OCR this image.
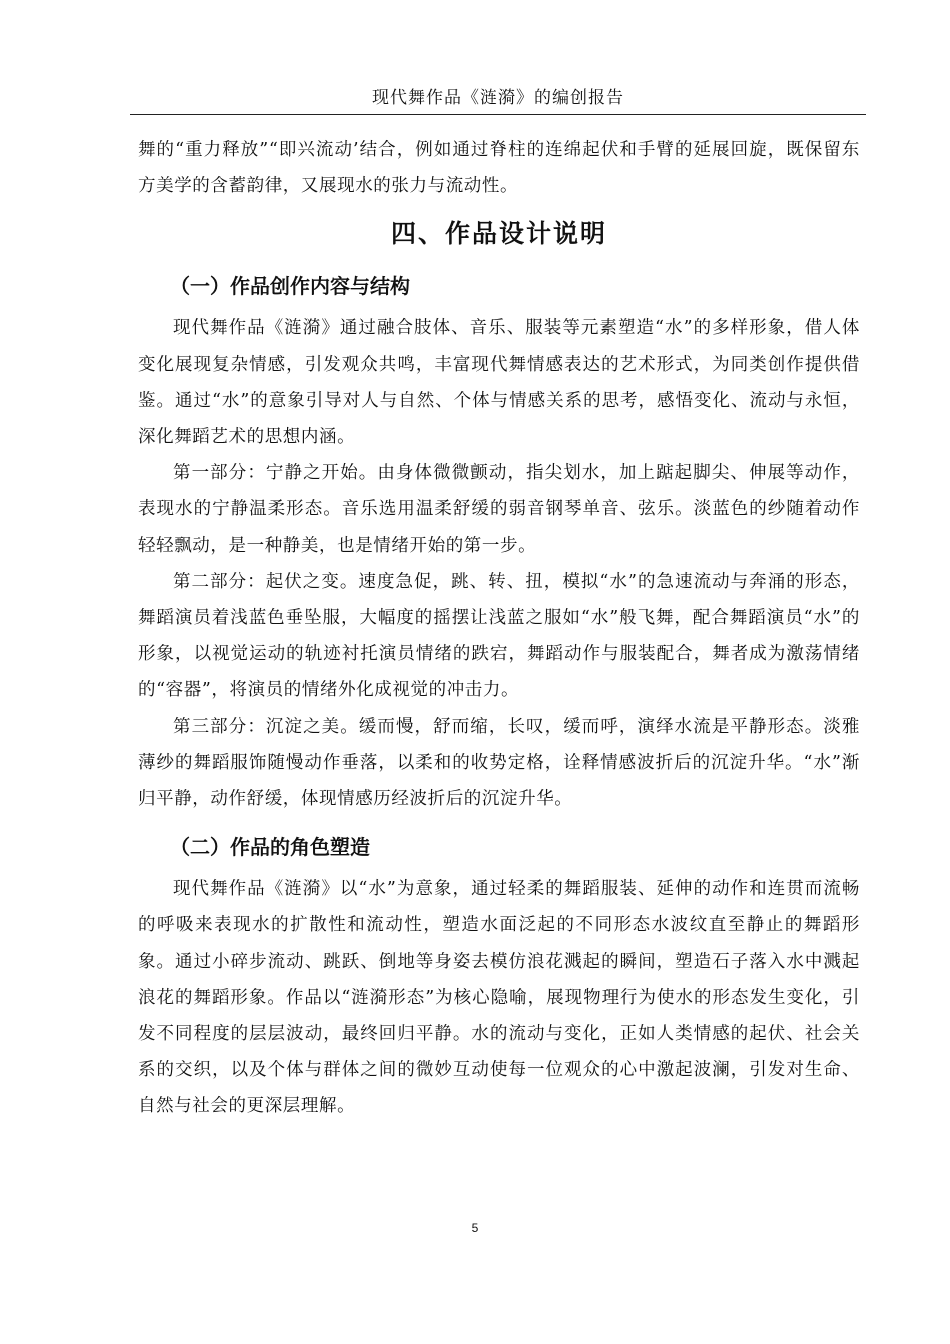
现代舞作品《涟漪》的编创报告

舞的“重力释放”“即兴流动’结合，例如通过脊柱的连绵起伏和手臂的延展回旋，既保留东方美学的含蓄韵律，又展现水的张力与流动性。

四、作品设计说明
（一）作品创作内容与结构

现代舞作品《涟漪》通过融合肢体、音乐、服装等元素塑造“水”的多样形象，借人体变化展现复杂情感，引发观众共鸣，丰富现代舞情感表达的艺术形式，为同类创作提供借鉴。通过“水”的意象引导对人与自然、个体与情感关系的思考，感悟变化、流动与永恒，深化舞蹈艺术的思想内涵。

第一部分：宁静之开始。由身体微微颤动，指尖划水，加上踮起脚尖、伸展等动作，表现水的宁静温柔形态。音乐选用温柔舒缓的弱音钢琴单音、弦乐。淡蓝色的纱随着动作轻轻飘动，是一种静美，也是情绪开始的第一步。

第二部分：起伏之变。速度急促，跳、转、扭，模拟“水”的急速流动与奔涌的形态，舞蹈演员着浅蓝色垂坠服，大幅度的摇摆让浅蓝之服如“水”般飞舞，配合舞蹈演员“水”的形象，以视觉运动的轨迹衬托演员情绪的跌宕，舞蹈动作与服装配合，舞者成为激荡情绪的“容器”，将演员的情绪外化成视觉的冲击力。

第三部分：沉淀之美。缓而慢，舒而缩，长叹，缓而呼，演绎水流是平静形态。淡雅薄纱的舞蹈服饰随慢动作垂落，以柔和的收势定格，诠释情感波折后的沉淀升华。“水”渐归平静，动作舒缓，体现情感历经波折后的沉淀升华。

（二）作品的角色塑造

现代舞作品《涟漪》以“水”为意象，通过轻柔的舞蹈服装、延伸的动作和连贯而流畅的呼吸来表现水的扩散性和流动性，塑造水面泛起的不同形态水波纹直至静止的舞蹈形象。通过小碎步流动、跳跃、倒地等身姿去模仿浪花溅起的瞬间，塑造石子落入水中溅起浪花的舞蹈形象。作品以“涟漪形态”为核心隐喻，展现物理行为使水的形态发生变化，引发不同程度的层层波动，最终回归平静。水的流动与变化，正如人类情感的起伏、社会关系的交织，以及个体与群体之间的微妙互动使每一位观众的心中激起波澜，引发对生命、自然与社会的更深层理解。

5
